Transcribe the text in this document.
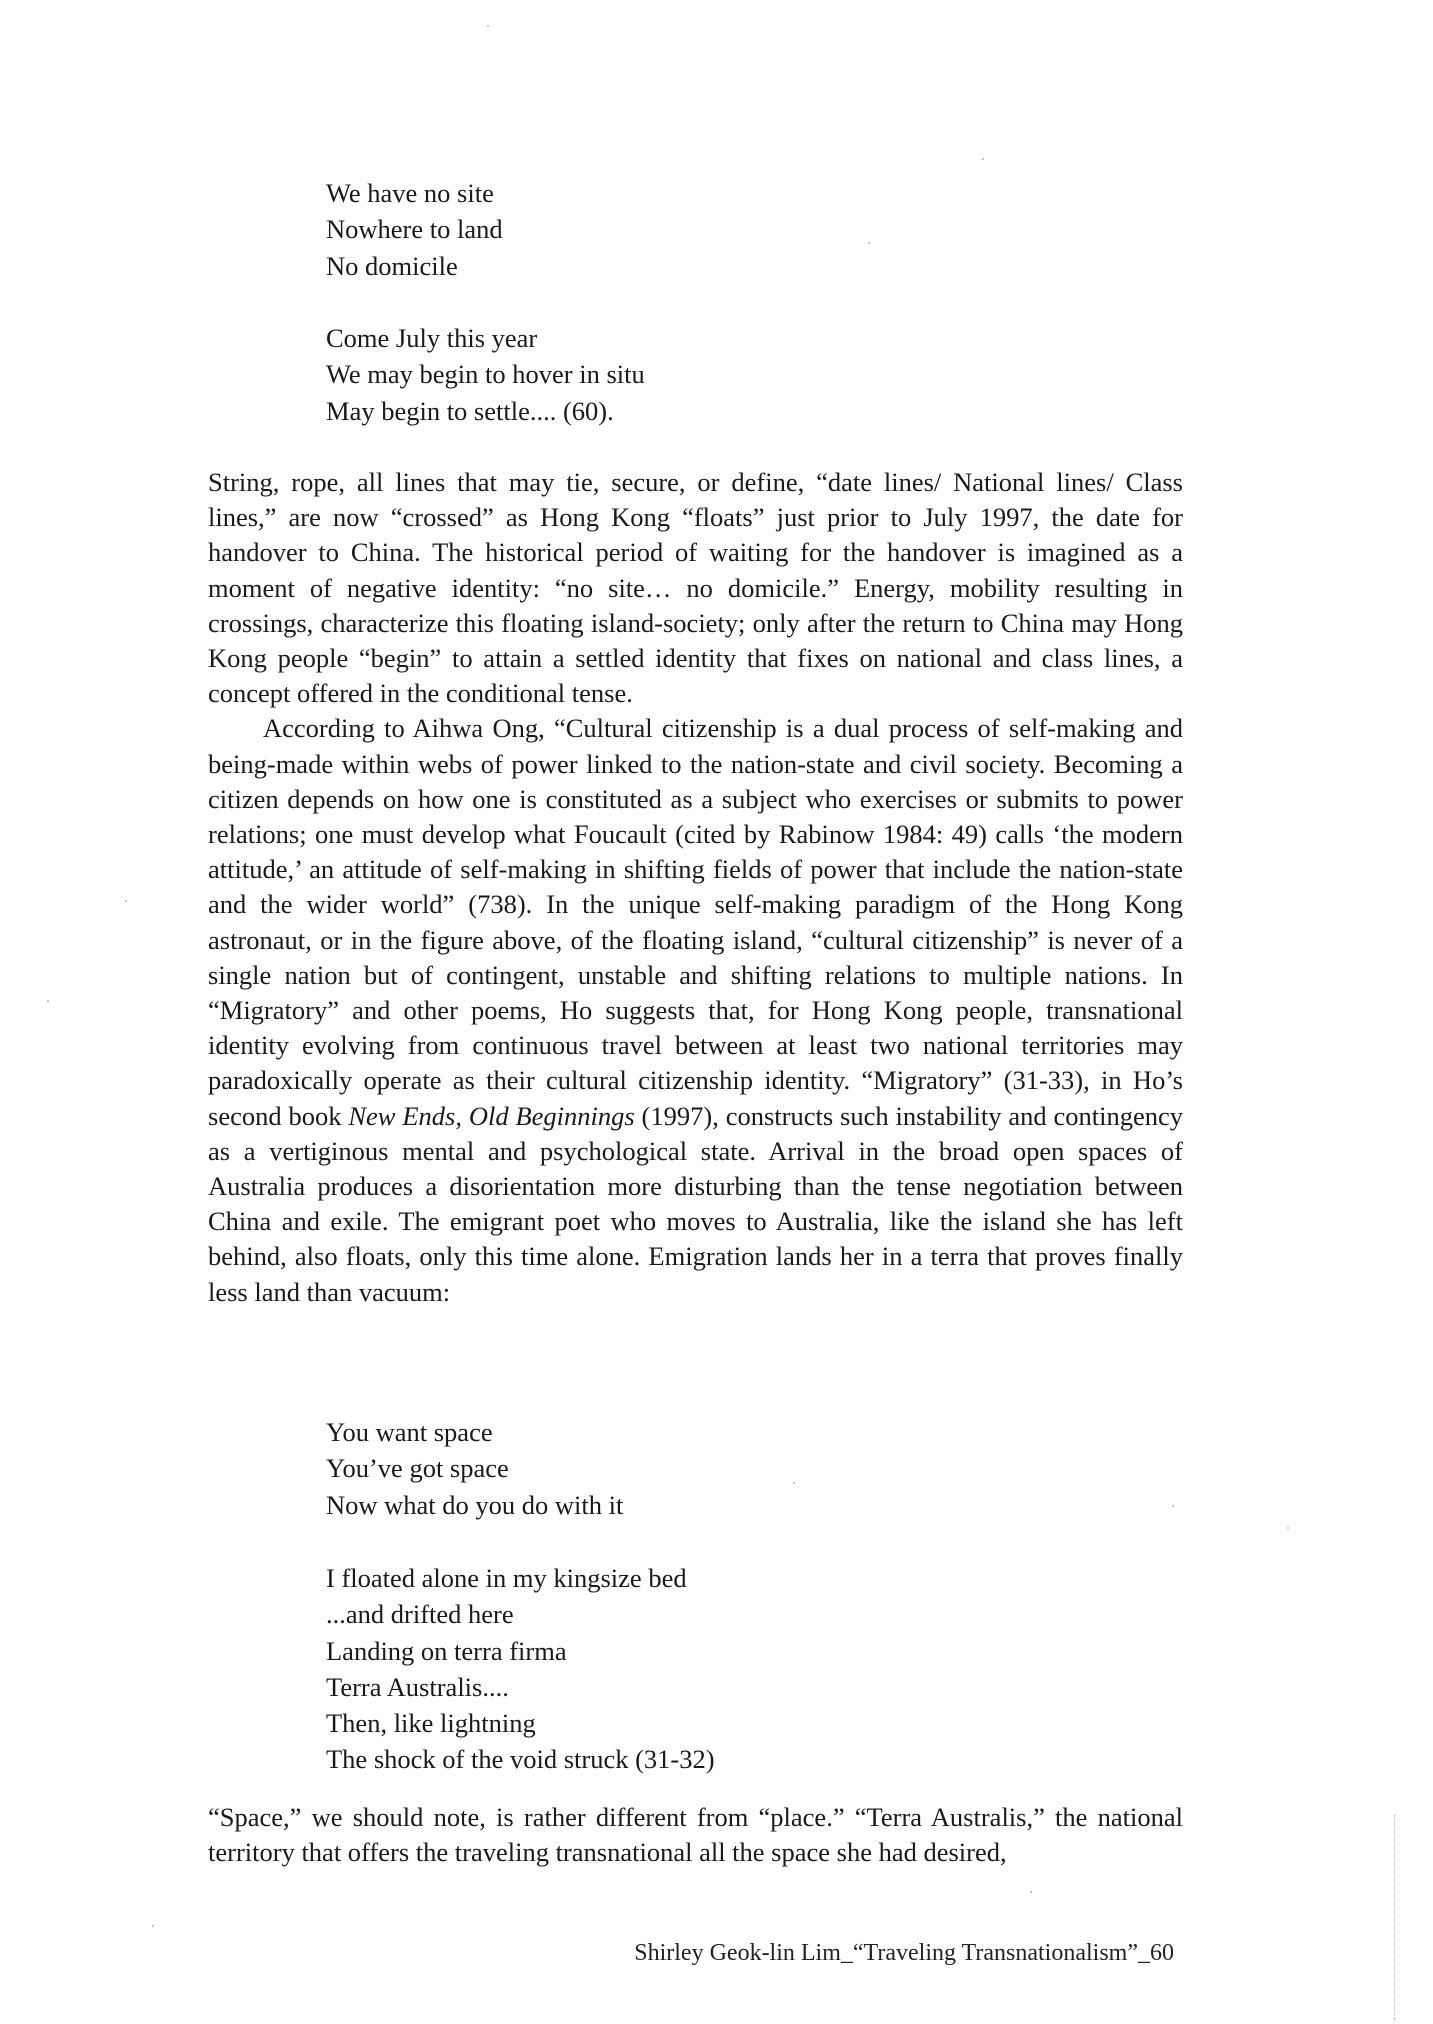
We have no site
Nowhere to land
No domicile
Come July this year
We may begin to hover in situ
May begin to settle.... (60).

String, rope, all lines that may tie, secure, or define, “date lines/ National lines/ Class lines,” are now “crossed” as Hong Kong “floats” just prior to July 1997, the date for handover to China. The historical period of waiting for the handover is imagined as a moment of negative identity: “no site… no domicile.” Energy, mobility resulting in crossings, characterize this floating island-society; only after the return to China may Hong Kong people “begin” to attain a settled identity that fixes on national and class lines, a concept offered in the conditional tense.

According to Aihwa Ong, “Cultural citizenship is a dual process of self-making and being-made within webs of power linked to the nation-state and civil society. Becoming a citizen depends on how one is constituted as a subject who exercises or submits to power relations; one must develop what Foucault (cited by Rabinow 1984: 49) calls ‘the modern attitude,’ an attitude of self-making in shifting fields of power that include the nation-state and the wider world” (738). In the unique self-making paradigm of the Hong Kong astronaut, or in the figure above, of the floating island, “cultural citizenship” is never of a single nation but of contingent, unstable and shifting relations to multiple nations. In “Migratory” and other poems, Ho suggests that, for Hong Kong people, transnational identity evolving from continuous travel between at least two national territories may paradoxically operate as their cultural citizenship identity. “Migratory” (31-33), in Ho’s second book New Ends, Old Beginnings (1997), constructs such instability and contingency as a vertiginous mental and psychological state. Arrival in the broad open spaces of Australia produces a disorientation more disturbing than the tense negotiation between China and exile. The emigrant poet who moves to Australia, like the island she has left behind, also floats, only this time alone. Emigration lands her in a terra that proves finally less land than vacuum:

You want space
You’ve got space
Now what do you do with it
I floated alone in my kingsize bed
...and drifted here
Landing on terra firma
Terra Australis....
Then, like lightning
The shock of the void struck (31-32)

“Space,” we should note, is rather different from “place.” “Terra Australis,” the national territory that offers the traveling transnational all the space she had desired,

Shirley Geok-lin Lim_“Traveling Transnationalism”_60
